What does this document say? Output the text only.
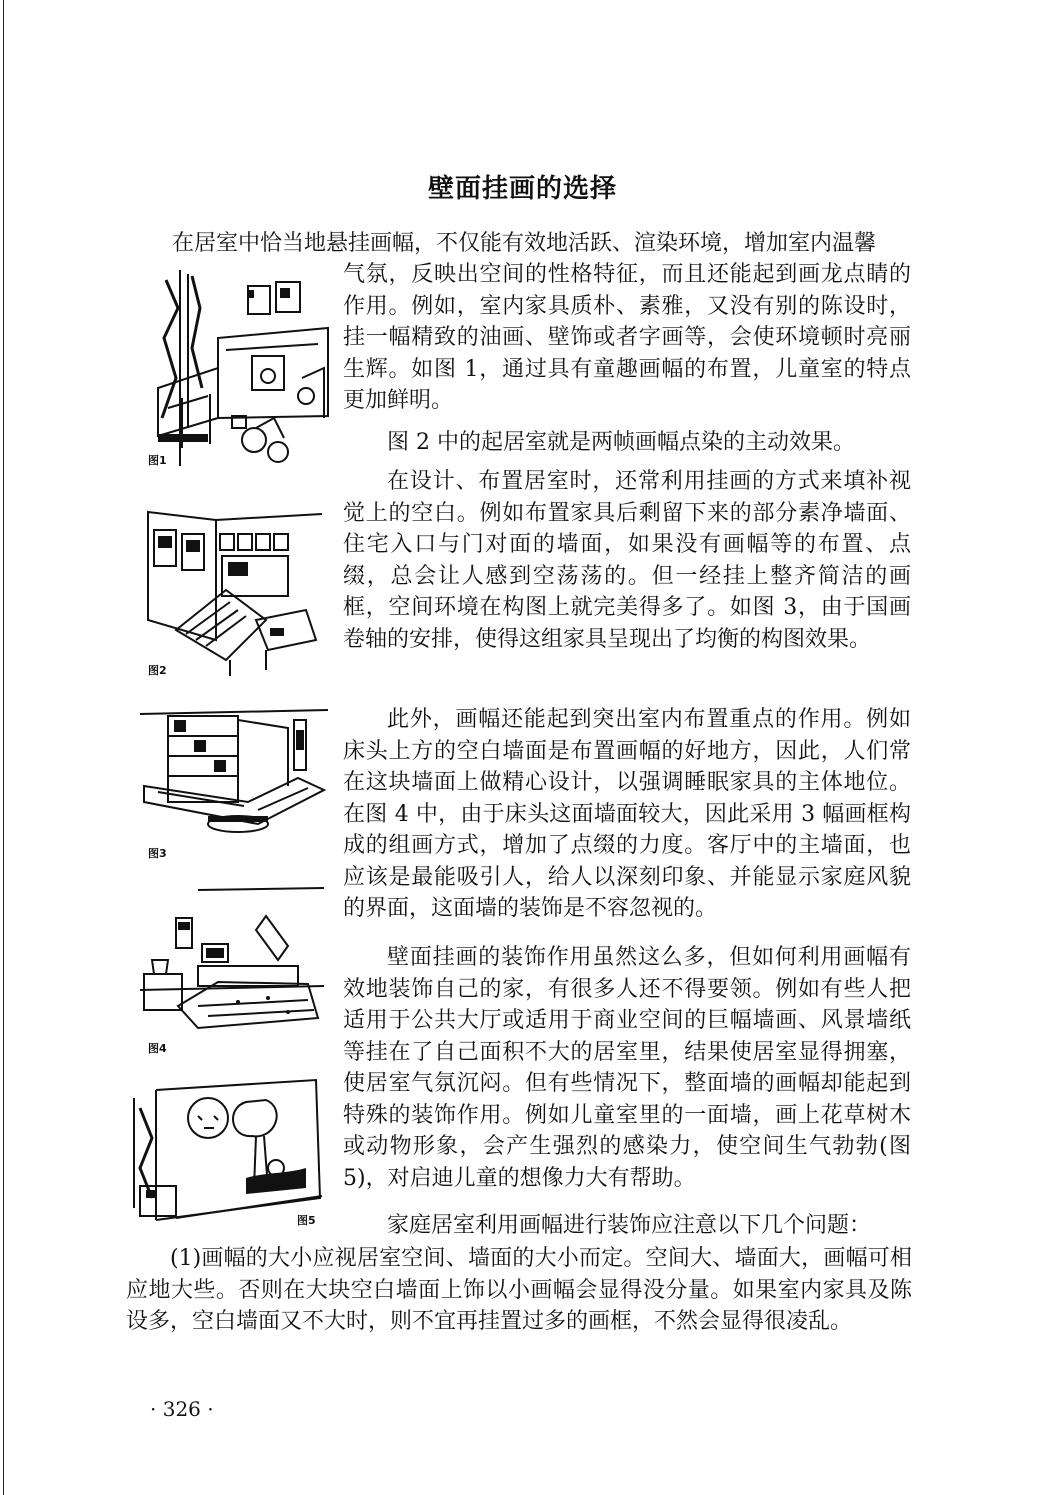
壁面挂画的选择

在居室中恰当地悬挂画幅，不仅能有效地活跃、渲染环境，增加室内温馨

气氛，反映出空间的性格特征，而且还能起到画龙点睛的作用。例如，室内家具质朴、素雅，又没有别的陈设时，挂一幅精致的油画、壁饰或者字画等，会使环境顿时亮丽生辉。如图 1，通过具有童趣画幅的布置，儿童室的特点更加鲜明。

图 2 中的起居室就是两帧画幅点染的主动效果。

在设计、布置居室时，还常利用挂画的方式来填补视觉上的空白。例如布置家具后剩留下来的部分素净墙面、住宅入口与门对面的墙面，如果没有画幅等的布置、点缀，总会让人感到空荡荡的。但一经挂上整齐简洁的画框，空间环境在构图上就完美得多了。如图 3，由于国画卷轴的安排，使得这组家具呈现出了均衡的构图效果。

此外，画幅还能起到突出室内布置重点的作用。例如床头上方的空白墙面是布置画幅的好地方，因此，人们常在这块墙面上做精心设计，以强调睡眠家具的主体地位。在图 4 中，由于床头这面墙面较大，因此采用 3 幅画框构成的组画方式，增加了点缀的力度。客厅中的主墙面，也应该是最能吸引人，给人以深刻印象、并能显示家庭风貌的界面，这面墙的装饰是不容忽视的。

壁面挂画的装饰作用虽然这么多，但如何利用画幅有效地装饰自己的家，有很多人还不得要领。例如有些人把适用于公共大厅或适用于商业空间的巨幅墙画、风景墙纸等挂在了自己面积不大的居室里，结果使居室显得拥塞，使居室气氛沉闷。但有些情况下，整面墙的画幅却能起到特殊的装饰作用。例如儿童室里的一面墙，画上花草树木或动物形象，会产生强烈的感染力，使空间生气勃勃(图 5)，对启迪儿童的想像力大有帮助。

家庭居室利用画幅进行装饰应注意以下几个问题：

(1)画幅的大小应视居室空间、墙面的大小而定。空间大、墙面大，画幅可相应地大些。否则在大块空白墙面上饰以小画幅会显得没分量。如果室内家具及陈设多，空白墙面又不大时，则不宜再挂置过多的画框，不然会显得很凌乱。

图1

图2

图3

图4

图5

· 326 ·
